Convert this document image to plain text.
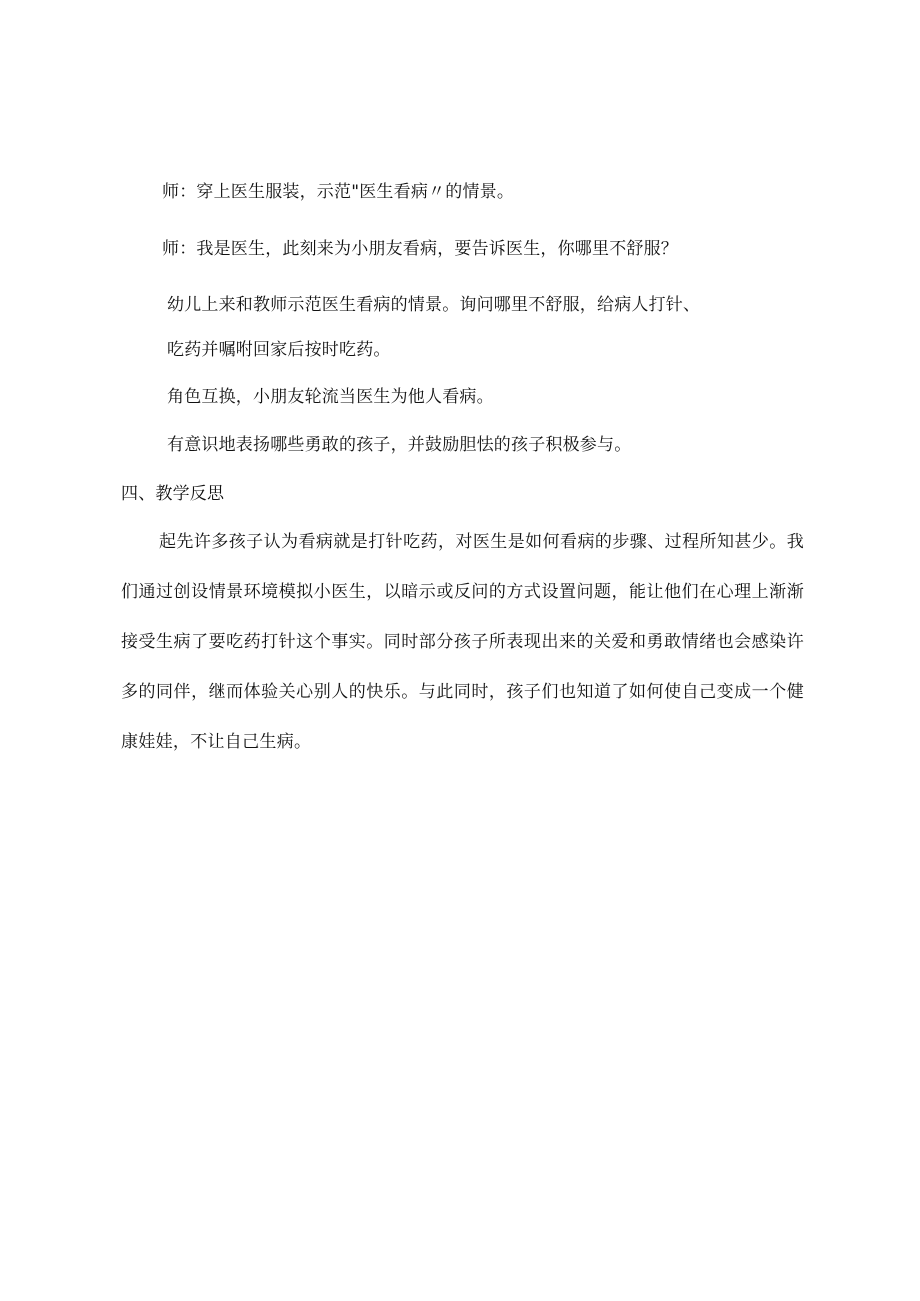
师：穿上医生服装，示范"医生看病〃的情景。
师：我是医生，此刻来为小朋友看病，要告诉医生，你哪里不舒服？
幼儿上来和教师示范医生看病的情景。询问哪里不舒服，给病人打针、
吃药并嘱咐回家后按时吃药。
角色互换，小朋友轮流当医生为他人看病。
有意识地表扬哪些勇敢的孩子，并鼓励胆怯的孩子积极参与。
四、教学反思
起先许多孩子认为看病就是打针吃药，对医生是如何看病的步骤、过程所知甚少。我们通过创设情景环境模拟小医生，以暗示或反问的方式设置问题，能让他们在心理上渐渐接受生病了要吃药打针这个事实。同时部分孩子所表现出来的关爱和勇敢情绪也会感染许多的同伴，继而体验关心别人的快乐。与此同时，孩子们也知道了如何使自己变成一个健康娃娃，不让自己生病。
